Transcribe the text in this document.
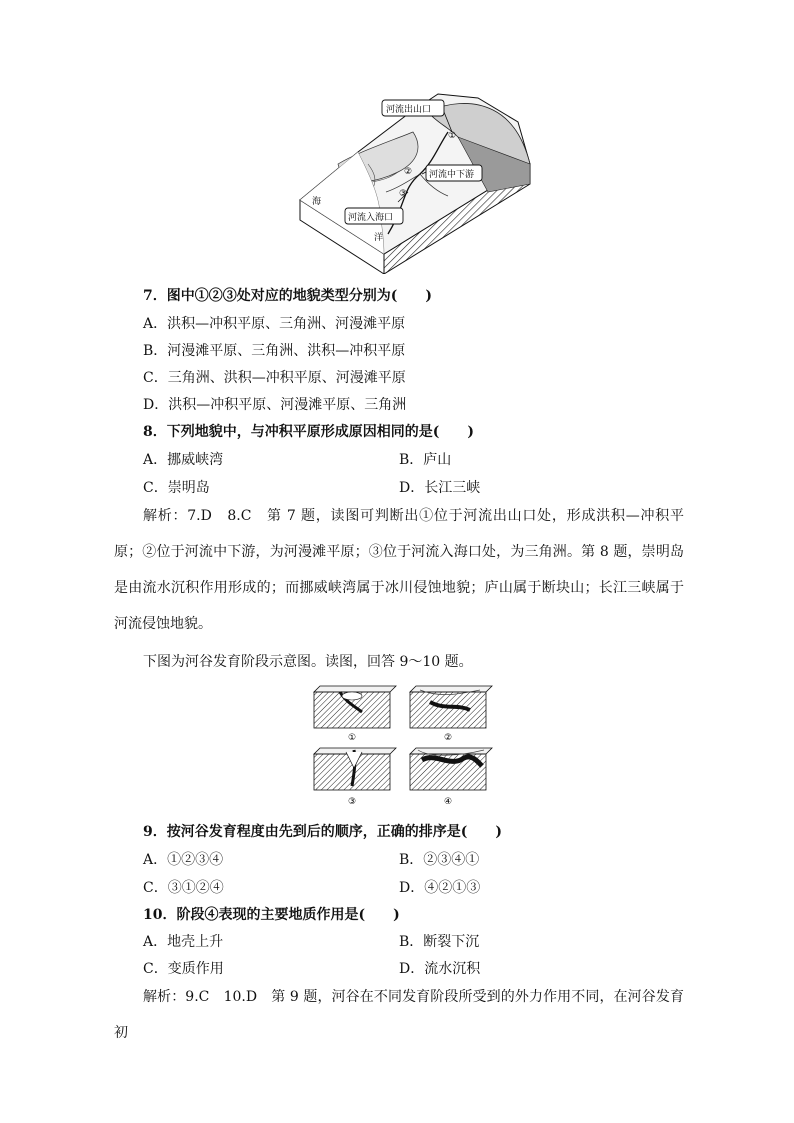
河流出山口
河流中下游
河流入海口
①
②
③
海
洋
7．图中①②③处对应的地貌类型分别为(　　)
A．洪积—冲积平原、三角洲、河漫滩平原
B．河漫滩平原、三角洲、洪积—冲积平原
C．三角洲、洪积—冲积平原、河漫滩平原
D．洪积—冲积平原、河漫滩平原、三角洲
8．下列地貌中，与冲积平原形成原因相同的是(　　)
A．挪威峡湾	B．庐山
C．崇明岛	D．长江三峡
解析：7.D　8.C　第 7 题，读图可判断出①位于河流出山口处，形成洪积—冲积平原；②位于河流中下游，为河漫滩平原；③位于河流入海口处，为三角洲。第 8 题，崇明岛是由流水沉积作用形成的；而挪威峡湾属于冰川侵蚀地貌；庐山属于断块山；长江三峡属于河流侵蚀地貌。
下图为河谷发育阶段示意图。读图，回答 9～10 题。
①	②
③	④
9．按河谷发育程度由先到后的顺序，正确的排序是(　　)
A．①②③④	B．②③④①
C．③①②④	D．④②①③
10．阶段④表现的主要地质作用是(　　)
A．地壳上升	B．断裂下沉
C．变质作用	D．流水沉积
解析：9.C　10.D　第 9 题，河谷在不同发育阶段所受到的外力作用不同，在河谷发育初
